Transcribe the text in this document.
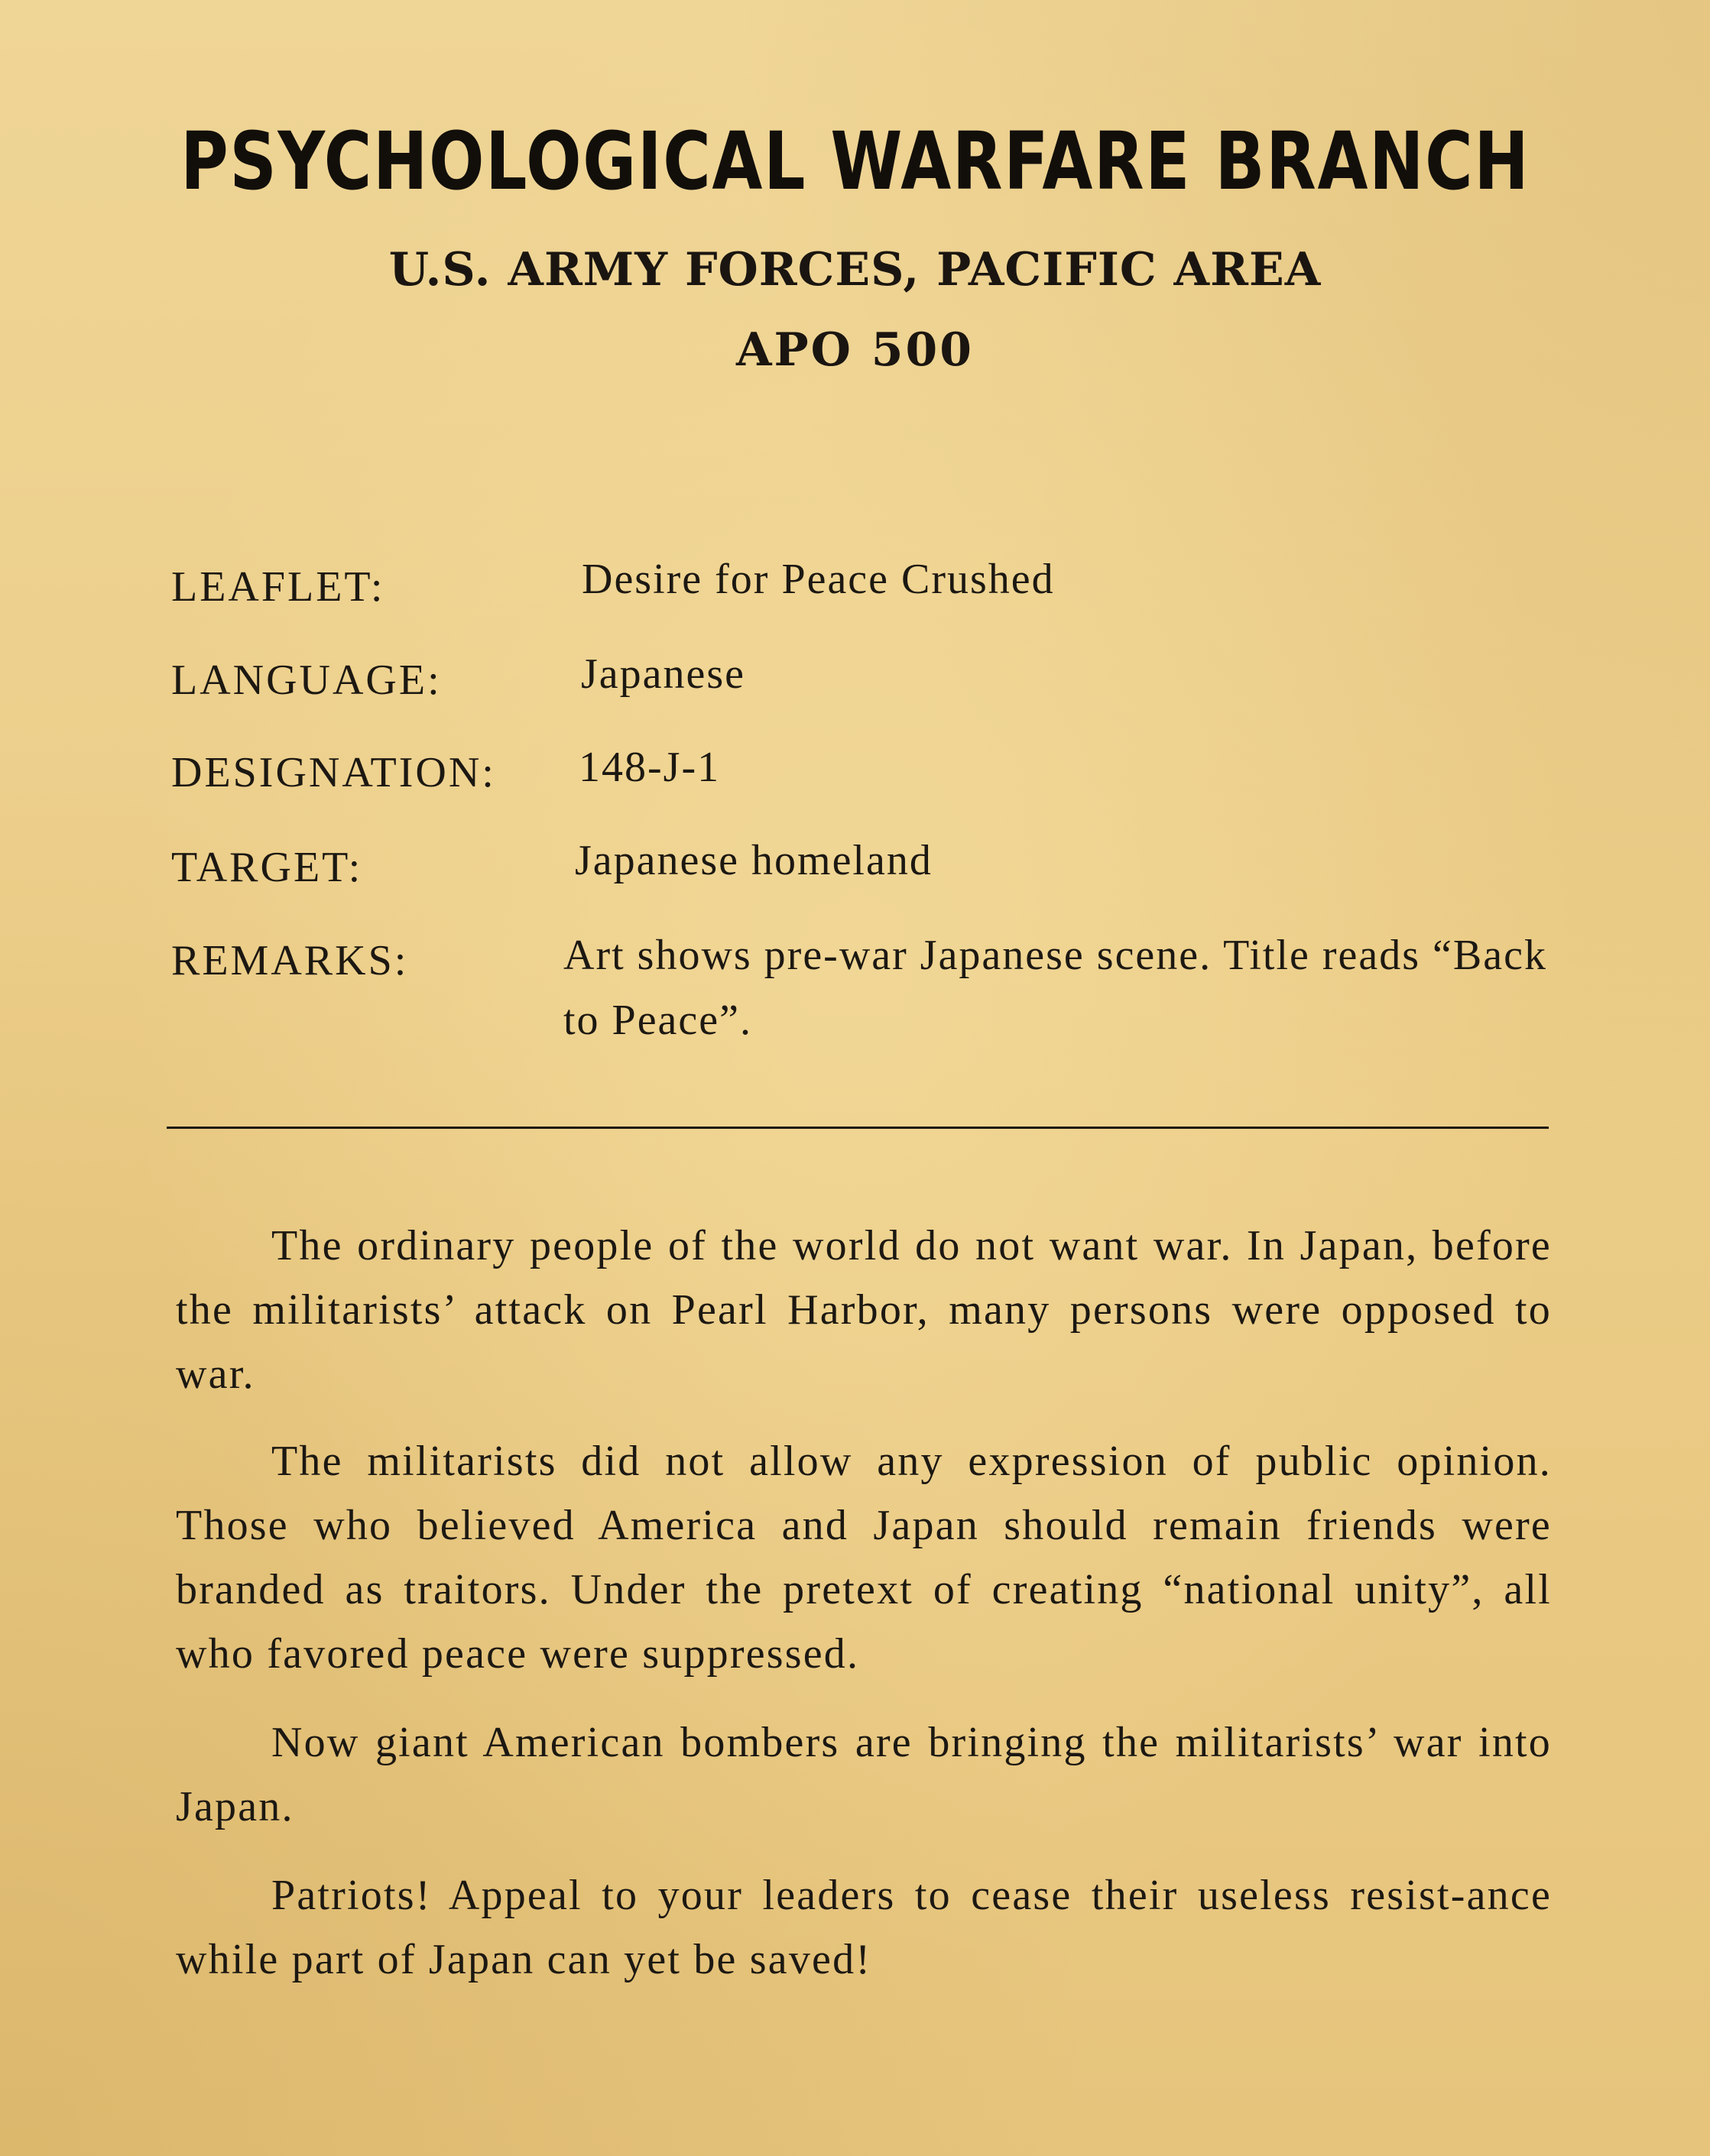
PSYCHOLOGICAL WARFARE BRANCH
U.S. ARMY FORCES, PACIFIC AREA
APO 500
LEAFLET:	Desire for Peace Crushed
LANGUAGE:	Japanese
DESIGNATION: 148-J-1
TARGET:	Japanese homeland
REMARKS:	Art shows pre-war Japanese scene. Title reads “Back to Peace”.

The ordinary people of the world do not want war. In Japan, before the militarists’ attack on Pearl Harbor, many persons were opposed to war.

The militarists did not allow any expression of public opinion. Those who believed America and Japan should remain friends were branded as traitors. Under the pretext of creating “national unity”, all who favored peace were suppressed.

Now giant American bombers are bringing the militarists’ war into Japan.

Patriots! Appeal to your leaders to cease their useless resist-ance while part of Japan can yet be saved!
